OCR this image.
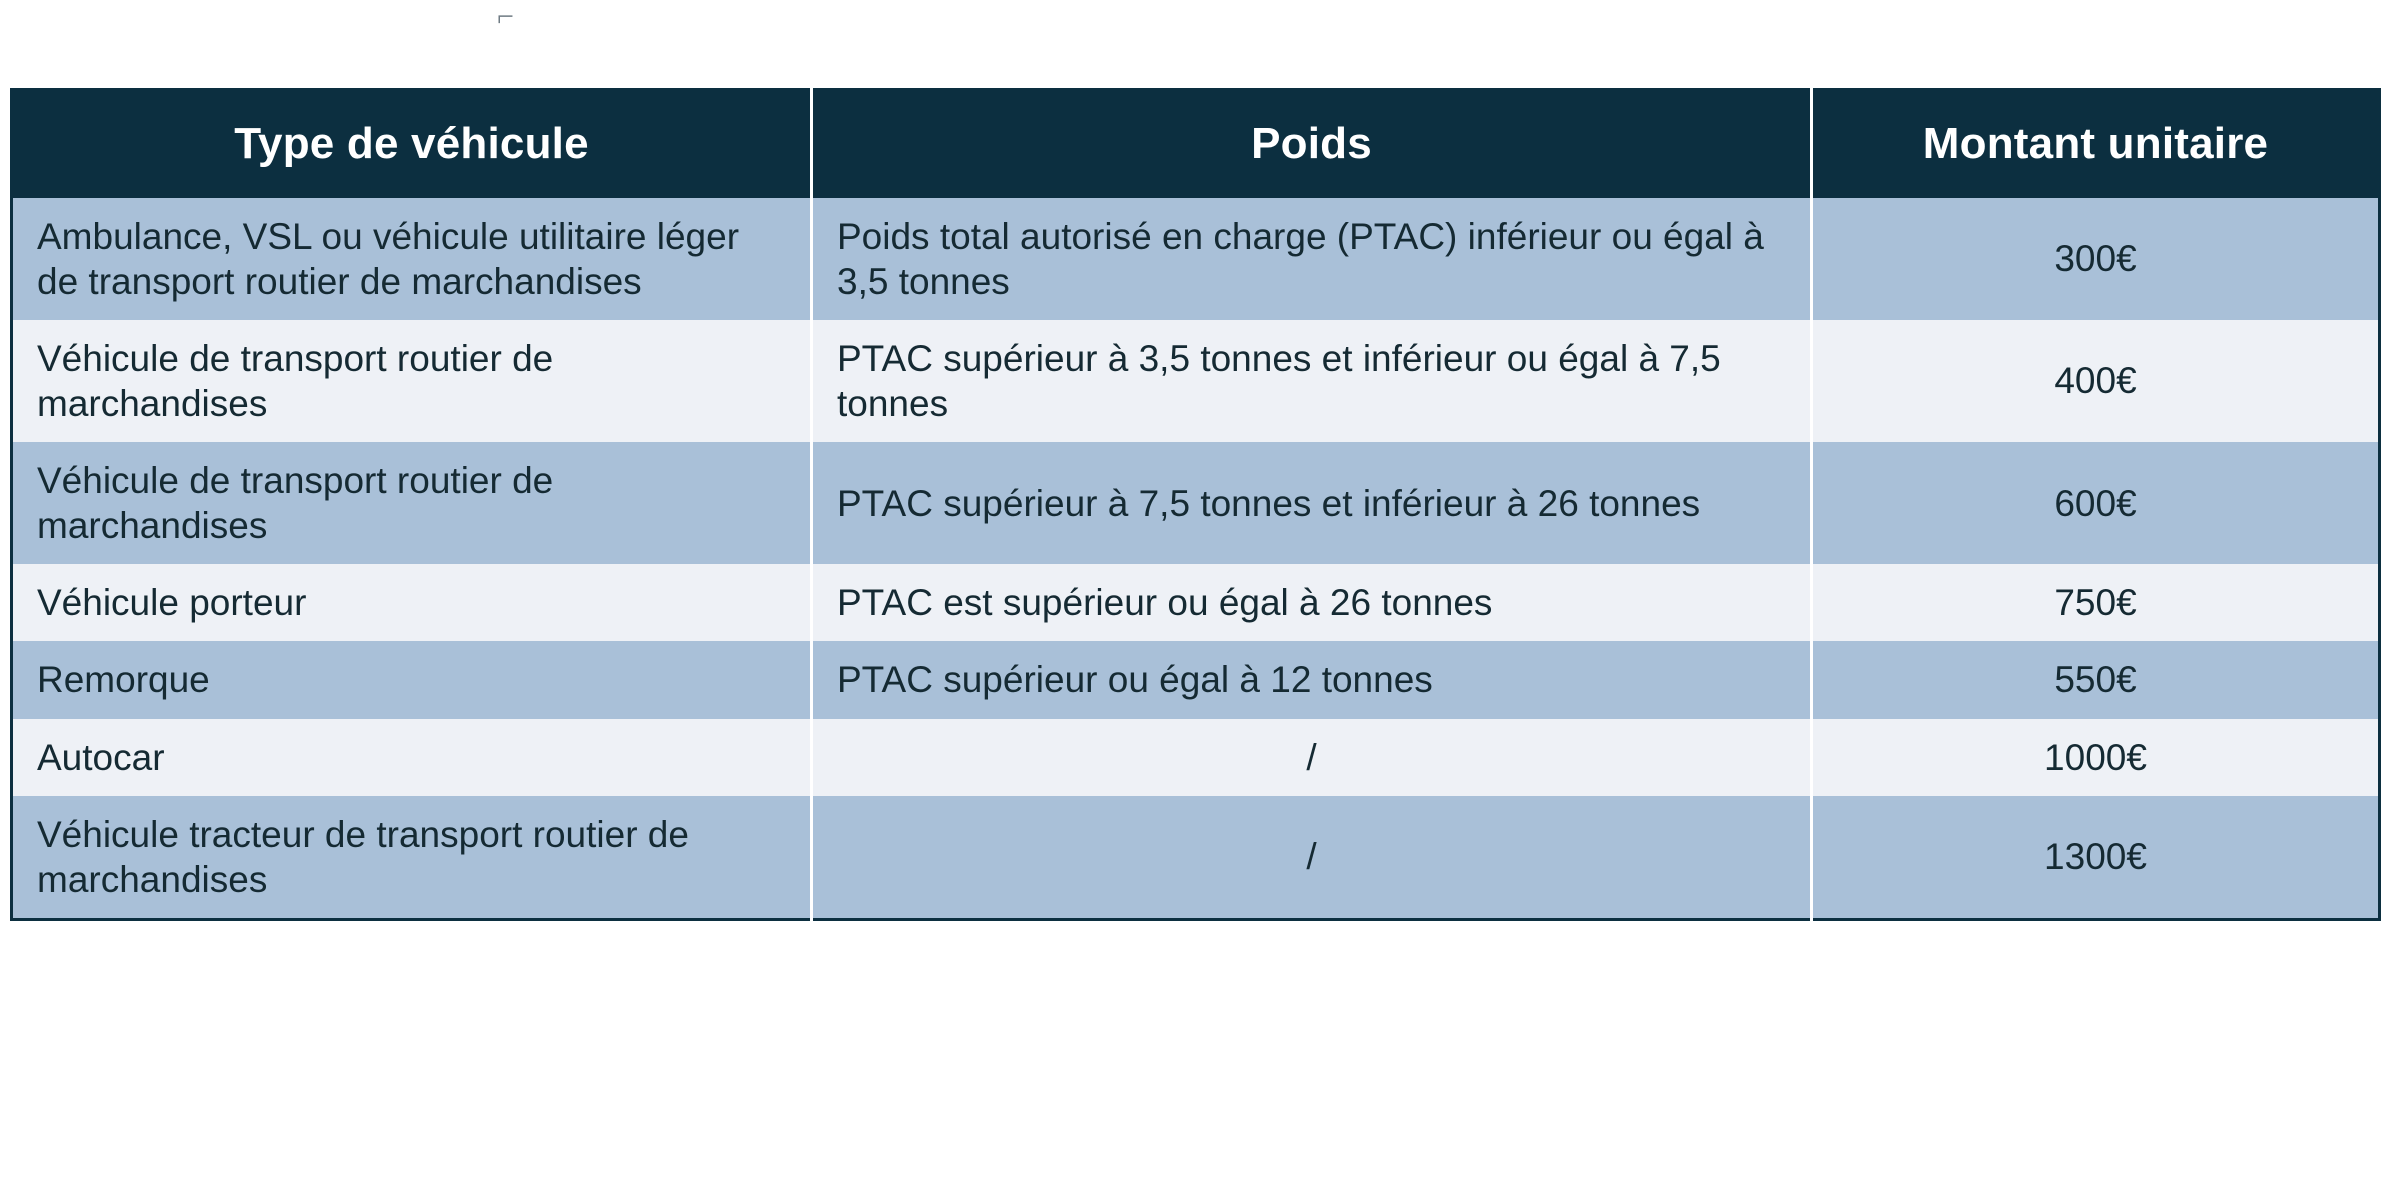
⌐
Type de véhicule	Poids	Montant unitaire
Ambulance, VSL ou véhicule utilitaire léger de transport routier de marchandises	Poids total autorisé en charge (PTAC) inférieur ou égal à 3,5 tonnes	300€
Véhicule de transport routier de marchandises	PTAC supérieur à 3,5 tonnes et inférieur ou égal à 7,5 tonnes	400€
Véhicule de transport routier de marchandises	PTAC supérieur à 7,5 tonnes et inférieur à 26 tonnes	600€
Véhicule porteur	PTAC est supérieur ou égal à 26 tonnes	750€
Remorque	PTAC supérieur ou égal à 12 tonnes	550€
Autocar	/	1000€
Véhicule tracteur de transport routier de marchandises	/	1300€
